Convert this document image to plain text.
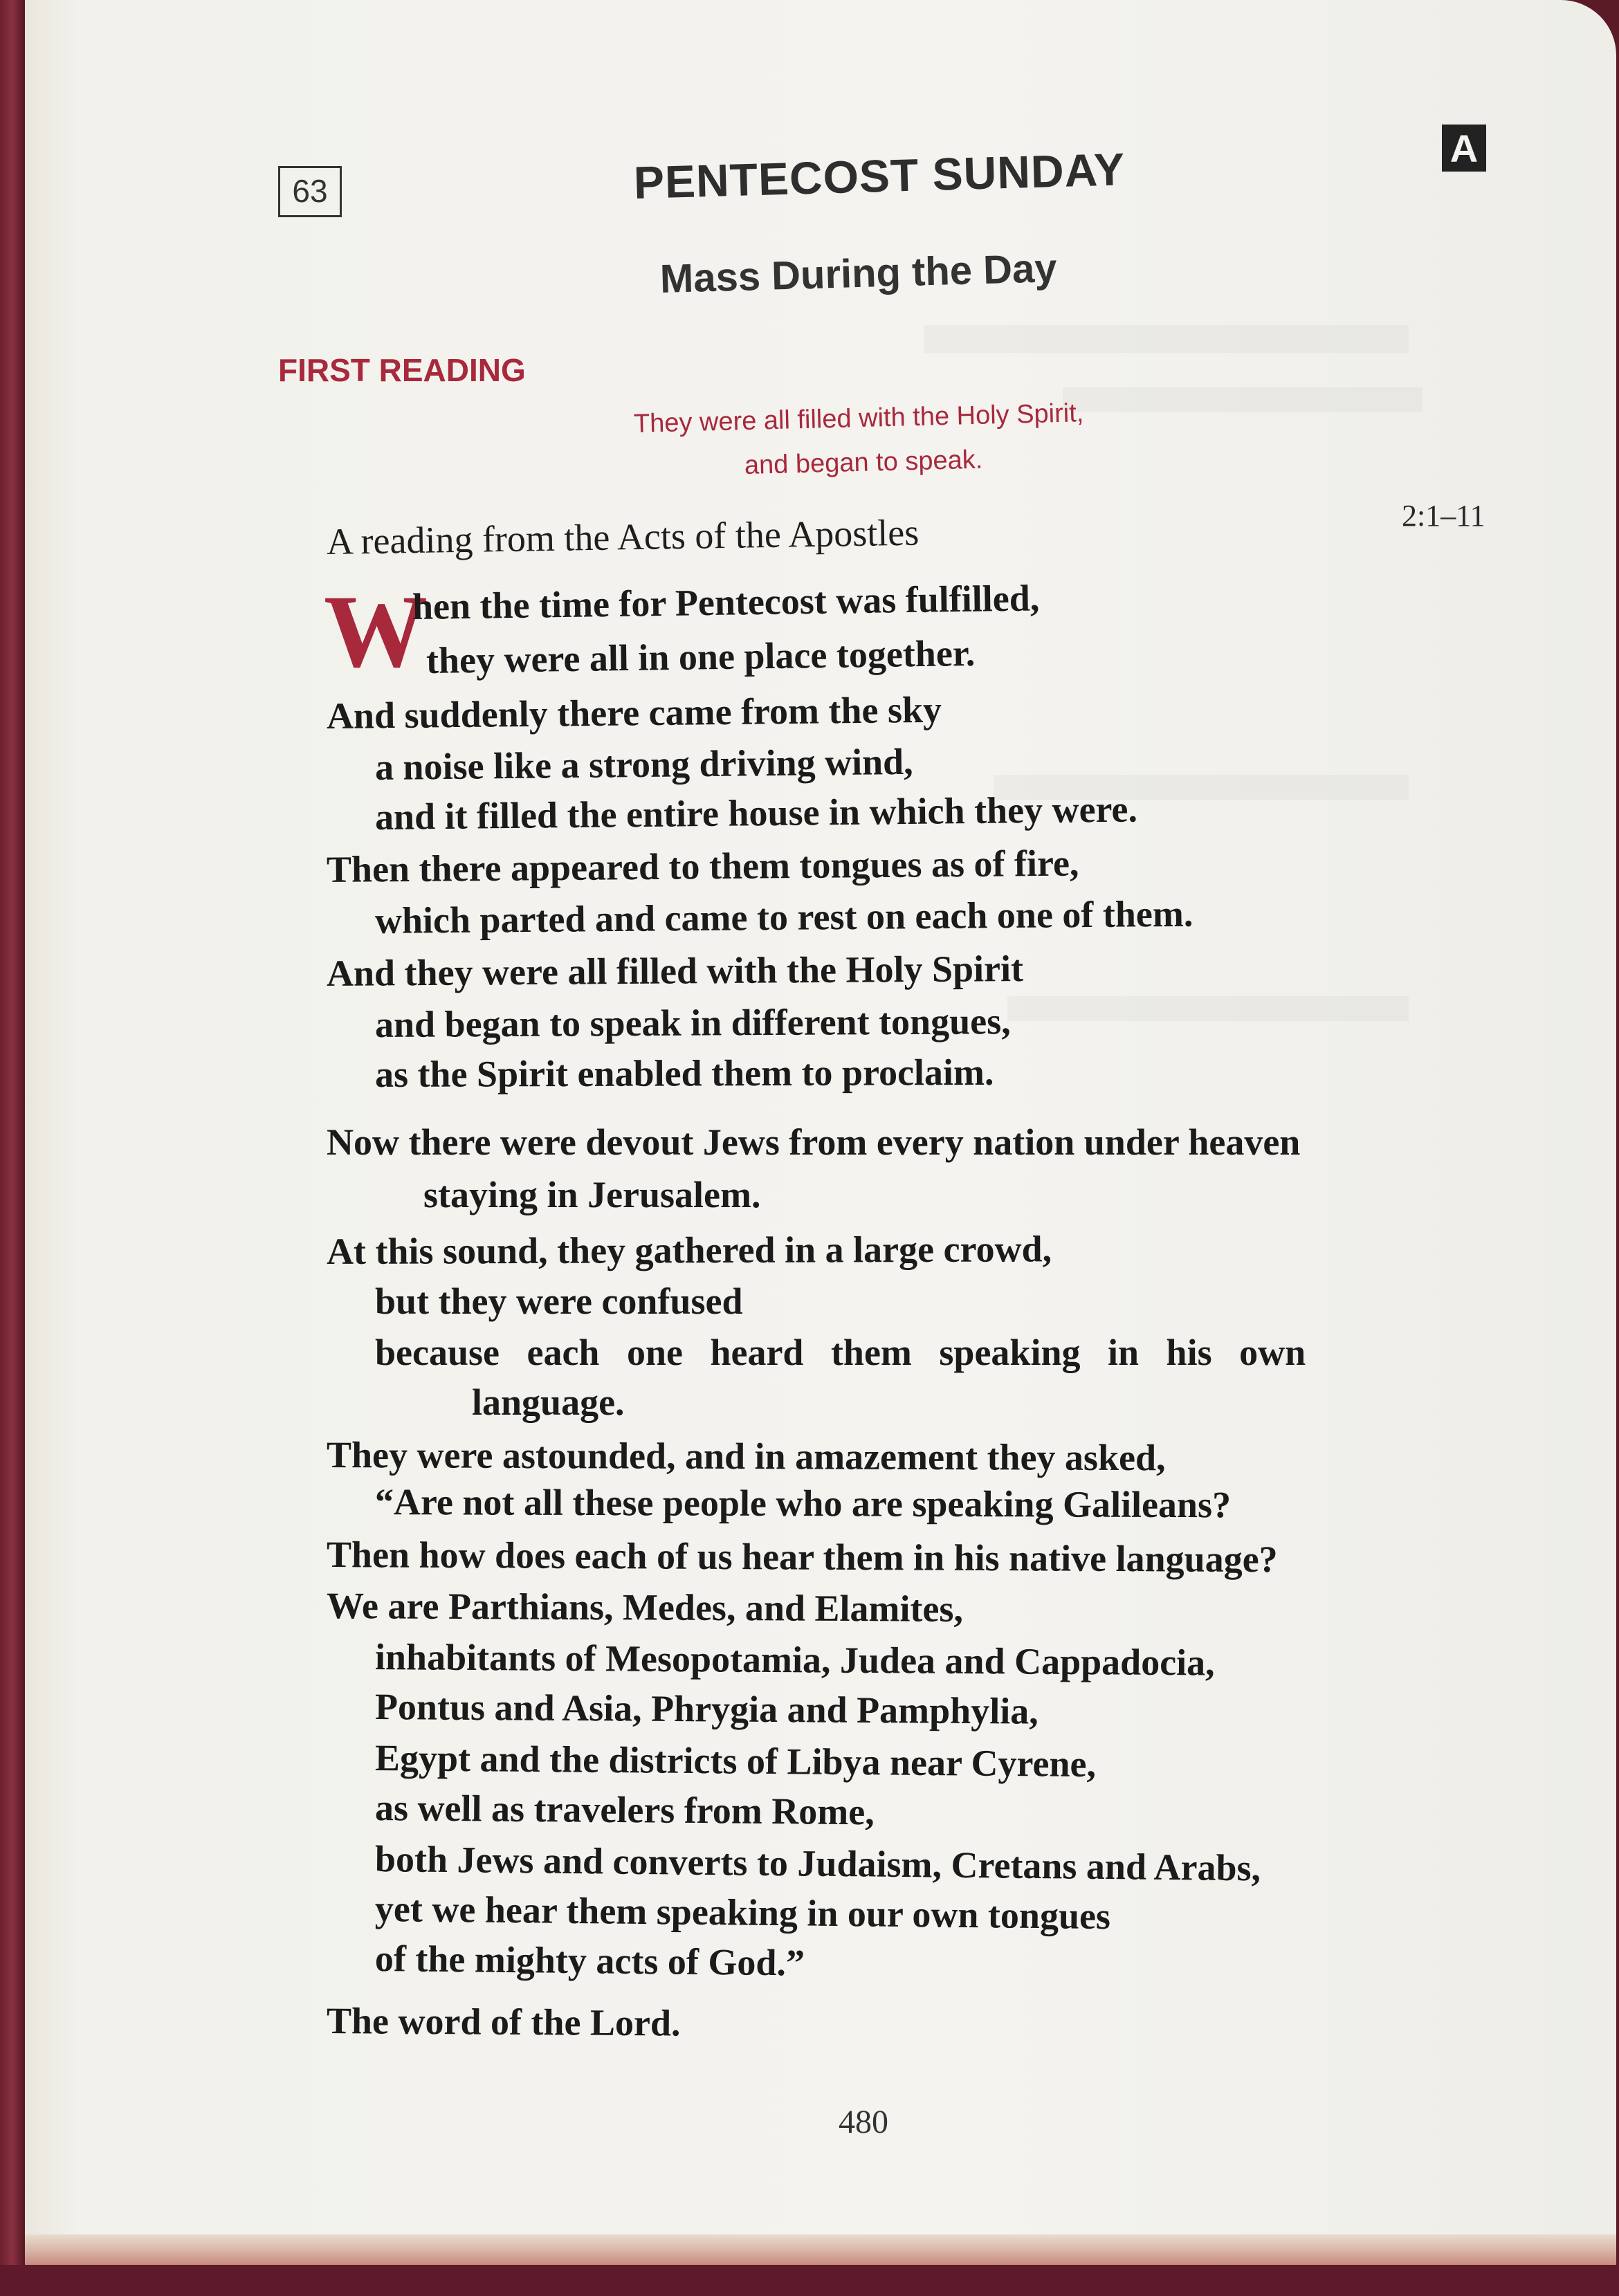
63
A
PENTECOST SUNDAY
Mass During the Day
FIRST READING
They were all filled with the Holy Spirit,
and began to speak.
2:1–11
A reading from the Acts of the Apostles
W
hen the time for Pentecost was fulfilled,
they were all in one place together.
And suddenly there came from the sky
a noise like a strong driving wind,
and it filled the entire house in which they were.
Then there appeared to them tongues as of fire,
which parted and came to rest on each one of them.
And they were all filled with the Holy Spirit
and began to speak in different tongues,
as the Spirit enabled them to proclaim.
Now there were devout Jews from every nation under heaven
staying in Jerusalem.
At this sound, they gathered in a large crowd,
but they were confused
because each one heard them speaking in his own
language.
They were astounded, and in amazement they asked,
“Are not all these people who are speaking Galileans?
Then how does each of us hear them in his native language?
We are Parthians, Medes, and Elamites,
inhabitants of Mesopotamia, Judea and Cappadocia,
Pontus and Asia, Phrygia and Pamphylia,
Egypt and the districts of Libya near Cyrene,
as well as travelers from Rome,
both Jews and converts to Judaism, Cretans and Arabs,
yet we hear them speaking in our own tongues
of the mighty acts of God.”
The word of the Lord.
480
